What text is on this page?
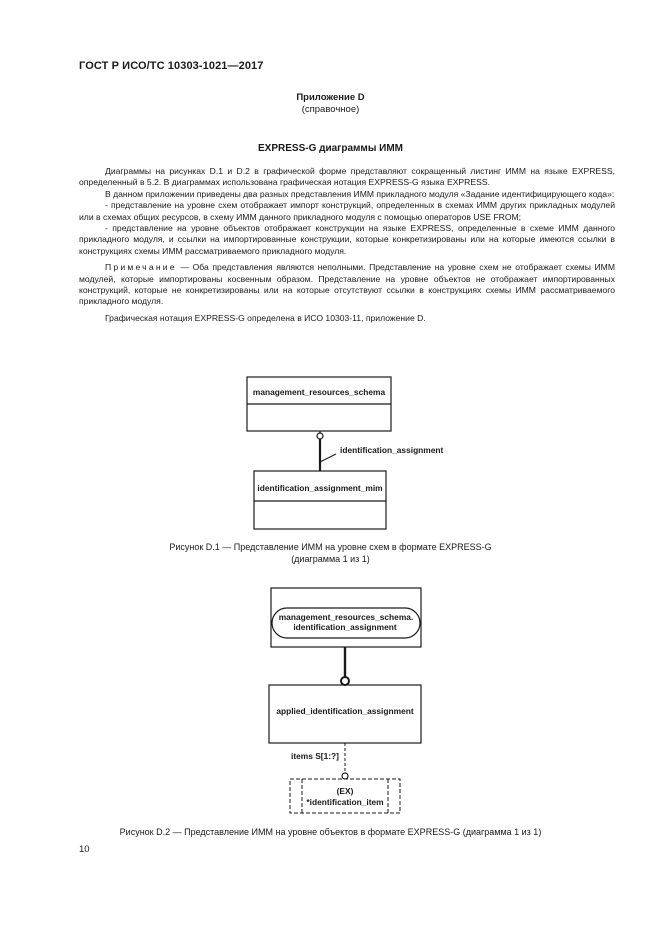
ГОСТ Р ИСО/ТС 10303-1021—2017
Приложение D
(справочное)
EXPRESS-G диаграммы ИММ

Диаграммы на рисунках D.1 и D.2 в графической форме представляют сокращенный листинг ИММ на языке EXPRESS, определенный в 5.2. В диаграммах использована графическая нотация EXPRESS-G языка EXPRESS.

В данном приложении приведены два разных представления ИММ прикладного модуля «Задание идентифицирующего кода»:

- представление на уровне схем отображает импорт конструкций, определенных в схемах ИММ других прикладных модулей или в схемах общих ресурсов, в схему ИММ данного прикладного модуля с помощью операторов USE FROM;

- представление на уровне объектов отображает конструкции на языке EXPRESS, определенные в схеме ИММ данного прикладного модуля, и ссылки на импортированные конструкции, которые конкретизированы или на которые имеются ссылки в конструкциях схемы ИММ рассматриваемого прикладного модуля.

Примечание — Оба представления являются неполными. Представление на уровне схем не отображает схемы ИММ модулей, которые импортированы косвенным образом. Представление на уровне объектов не отображает импортированных конструкций, которые не конкретизированы или на которые отсутствуют ссылки в конструкциях схемы ИММ рассматриваемого прикладного модуля.

Графическая нотация EXPRESS-G определена в ИСО 10303-11, приложение D.

management_resources_schema
identification_assignment
identification_assignment_mim
Рисунок D.1 — Представление ИММ на уровне схем в формате EXPRESS-G
(диаграмма 1 из 1)
management_resources_schema.
identification_assignment
applied_identification_assignment
items S[1:?]
(EX)
*identification_item
Рисунок D.2 — Представление ИММ на уровне объектов в формате EXPRESS-G (диаграмма 1 из 1)
10
